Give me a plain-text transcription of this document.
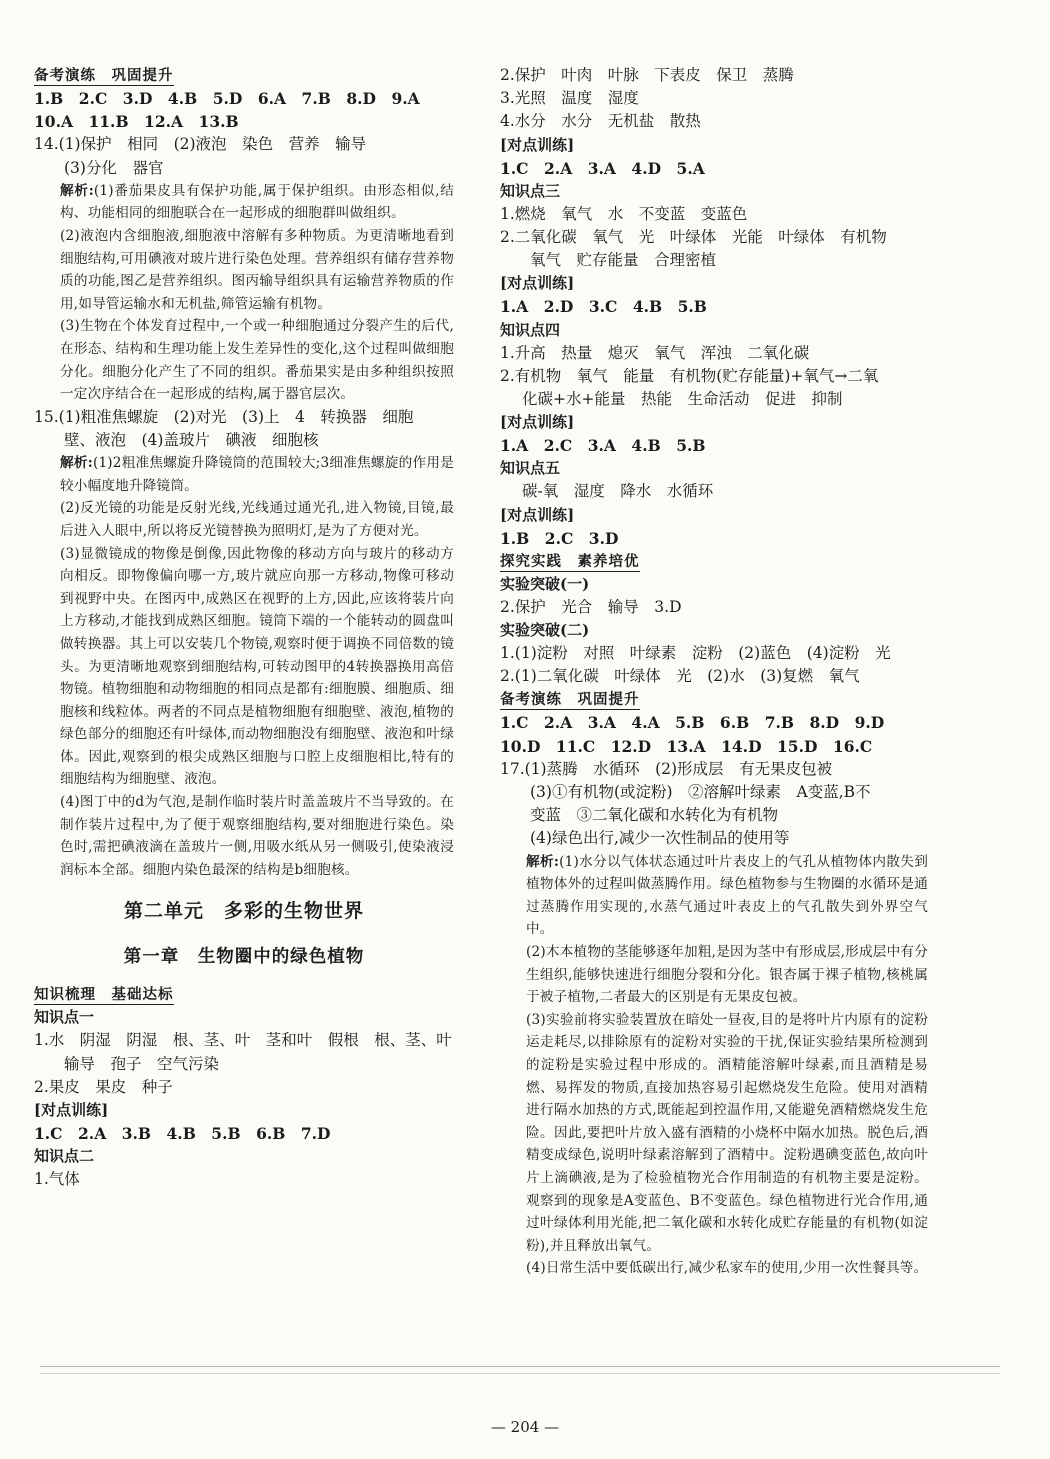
备考演练　巩固提升
1.B　2.C　3.D　4.B　5.D　6.A　7.B　8.D　9.A
10.A　11.B　12.A　13.B
14.(1)保护　相同　(2)液泡　染色　营养　输导
(3)分化　器官
解析:(1)番茄果皮具有保护功能,属于保护组织。由形态相似,结构、功能相同的细胞联合在一起形成的细胞群叫做组织。
(2)液泡内含细胞液,细胞液中溶解有多种物质。为更清晰地看到细胞结构,可用碘液对玻片进行染色处理。营养组织有储存营养物质的功能,图乙是营养组织。图丙输导组织具有运输营养物质的作用,如导管运输水和无机盐,筛管运输有机物。
(3)生物在个体发育过程中,一个或一种细胞通过分裂产生的后代,在形态、结构和生理功能上发生差异性的变化,这个过程叫做细胞分化。细胞分化产生了不同的组织。番茄果实是由多种组织按照一定次序结合在一起形成的结构,属于器官层次。
15.(1)粗准焦螺旋　(2)对光　(3)上　4　转换器　细胞
壁、液泡　(4)盖玻片　碘液　细胞核
解析:(1)2粗准焦螺旋升降镜筒的范围较大;3细准焦螺旋的作用是较小幅度地升降镜筒。
(2)反光镜的功能是反射光线,光线通过通光孔,进入物镜,目镜,最后进入人眼中,所以将反光镜替换为照明灯,是为了方便对光。
(3)显微镜成的物像是倒像,因此物像的移动方向与玻片的移动方向相反。即物像偏向哪一方,玻片就应向那一方移动,物像可移动到视野中央。在图丙中,成熟区在视野的上方,因此,应该将装片向上方移动,才能找到成熟区细胞。镜筒下端的一个能转动的圆盘叫做转换器。其上可以安装几个物镜,观察时便于调换不同倍数的镜头。为更清晰地观察到细胞结构,可转动图甲的4转换器换用高倍物镜。植物细胞和动物细胞的相同点是都有:细胞膜、细胞质、细胞核和线粒体。两者的不同点是植物细胞有细胞壁、液泡,植物的绿色部分的细胞还有叶绿体,而动物细胞没有细胞壁、液泡和叶绿体。因此,观察到的根尖成熟区细胞与口腔上皮细胞相比,特有的细胞结构为细胞壁、液泡。
(4)图丁中的d为气泡,是制作临时装片时盖盖玻片不当导致的。在制作装片过程中,为了便于观察细胞结构,要对细胞进行染色。染色时,需把碘液滴在盖玻片一侧,用吸水纸从另一侧吸引,使染液浸润标本全部。细胞内染色最深的结构是b细胞核。
第二单元　多彩的生物世界
第一章　生物圈中的绿色植物
知识梳理　基础达标
知识点一
1.水　阴湿　阴湿　根、茎、叶　茎和叶　假根　根、茎、叶
输导　孢子　空气污染
2.果皮　果皮　种子
[对点训练]
1.C　2.A　3.B　4.B　5.B　6.B　7.D
知识点二
1.气体
2.保护　叶肉　叶脉　下表皮　保卫　蒸腾
3.光照　温度　湿度
4.水分　水分　无机盐　散热
[对点训练]
1.C　2.A　3.A　4.D　5.A
知识点三
1.燃烧　氧气　水　不变蓝　变蓝色
2.二氧化碳　氧气　光　叶绿体　光能　叶绿体　有机物
氧气　贮存能量　合理密植
[对点训练]
1.A　2.D　3.C　4.B　5.B
知识点四
1.升高　热量　熄灭　氧气　浑浊　二氧化碳
2.有机物　氧气　能量　有机物(贮存能量)+氧气→二氧
化碳+水+能量　热能　生命活动　促进　抑制
[对点训练]
1.A　2.C　3.A　4.B　5.B
知识点五
碳-氧　湿度　降水　水循环
[对点训练]
1.B　2.C　3.D
探究实践　素养培优
实验突破(一)
2.保护　光合　输导　3.D
实验突破(二)
1.(1)淀粉　对照　叶绿素　淀粉　(2)蓝色　(4)淀粉　光
2.(1)二氧化碳　叶绿体　光　(2)水　(3)复燃　氧气
备考演练　巩固提升
1.C　2.A　3.A　4.A　5.B　6.B　7.B　8.D　9.D
10.D　11.C　12.D　13.A　14.D　15.D　16.C
17.(1)蒸腾　水循环　(2)形成层　有无果皮包被
(3)①有机物(或淀粉)　②溶解叶绿素　A变蓝,B不
变蓝　③二氧化碳和水转化为有机物
(4)绿色出行,减少一次性制品的使用等
解析:(1)水分以气体状态通过叶片表皮上的气孔从植物体内散失到植物体外的过程叫做蒸腾作用。绿色植物参与生物圈的水循环是通过蒸腾作用实现的,水蒸气通过叶表皮上的气孔散失到外界空气中。
(2)木本植物的茎能够逐年加粗,是因为茎中有形成层,形成层中有分生组织,能够快速进行细胞分裂和分化。银杏属于裸子植物,核桃属于被子植物,二者最大的区别是有无果皮包被。
(3)实验前将实验装置放在暗处一昼夜,目的是将叶片内原有的淀粉运走耗尽,以排除原有的淀粉对实验的干扰,保证实验结果所检测到的淀粉是实验过程中形成的。酒精能溶解叶绿素,而且酒精是易燃、易挥发的物质,直接加热容易引起燃烧发生危险。使用对酒精进行隔水加热的方式,既能起到控温作用,又能避免酒精燃烧发生危险。因此,要把叶片放入盛有酒精的小烧杯中隔水加热。脱色后,酒精变成绿色,说明叶绿素溶解到了酒精中。淀粉遇碘变蓝色,故向叶片上滴碘液,是为了检验植物光合作用制造的有机物主要是淀粉。观察到的现象是A变蓝色、B不变蓝色。绿色植物进行光合作用,通过叶绿体利用光能,把二氧化碳和水转化成贮存能量的有机物(如淀粉),并且释放出氧气。
(4)日常生活中要低碳出行,减少私家车的使用,少用一次性餐具等。
— 204 —
